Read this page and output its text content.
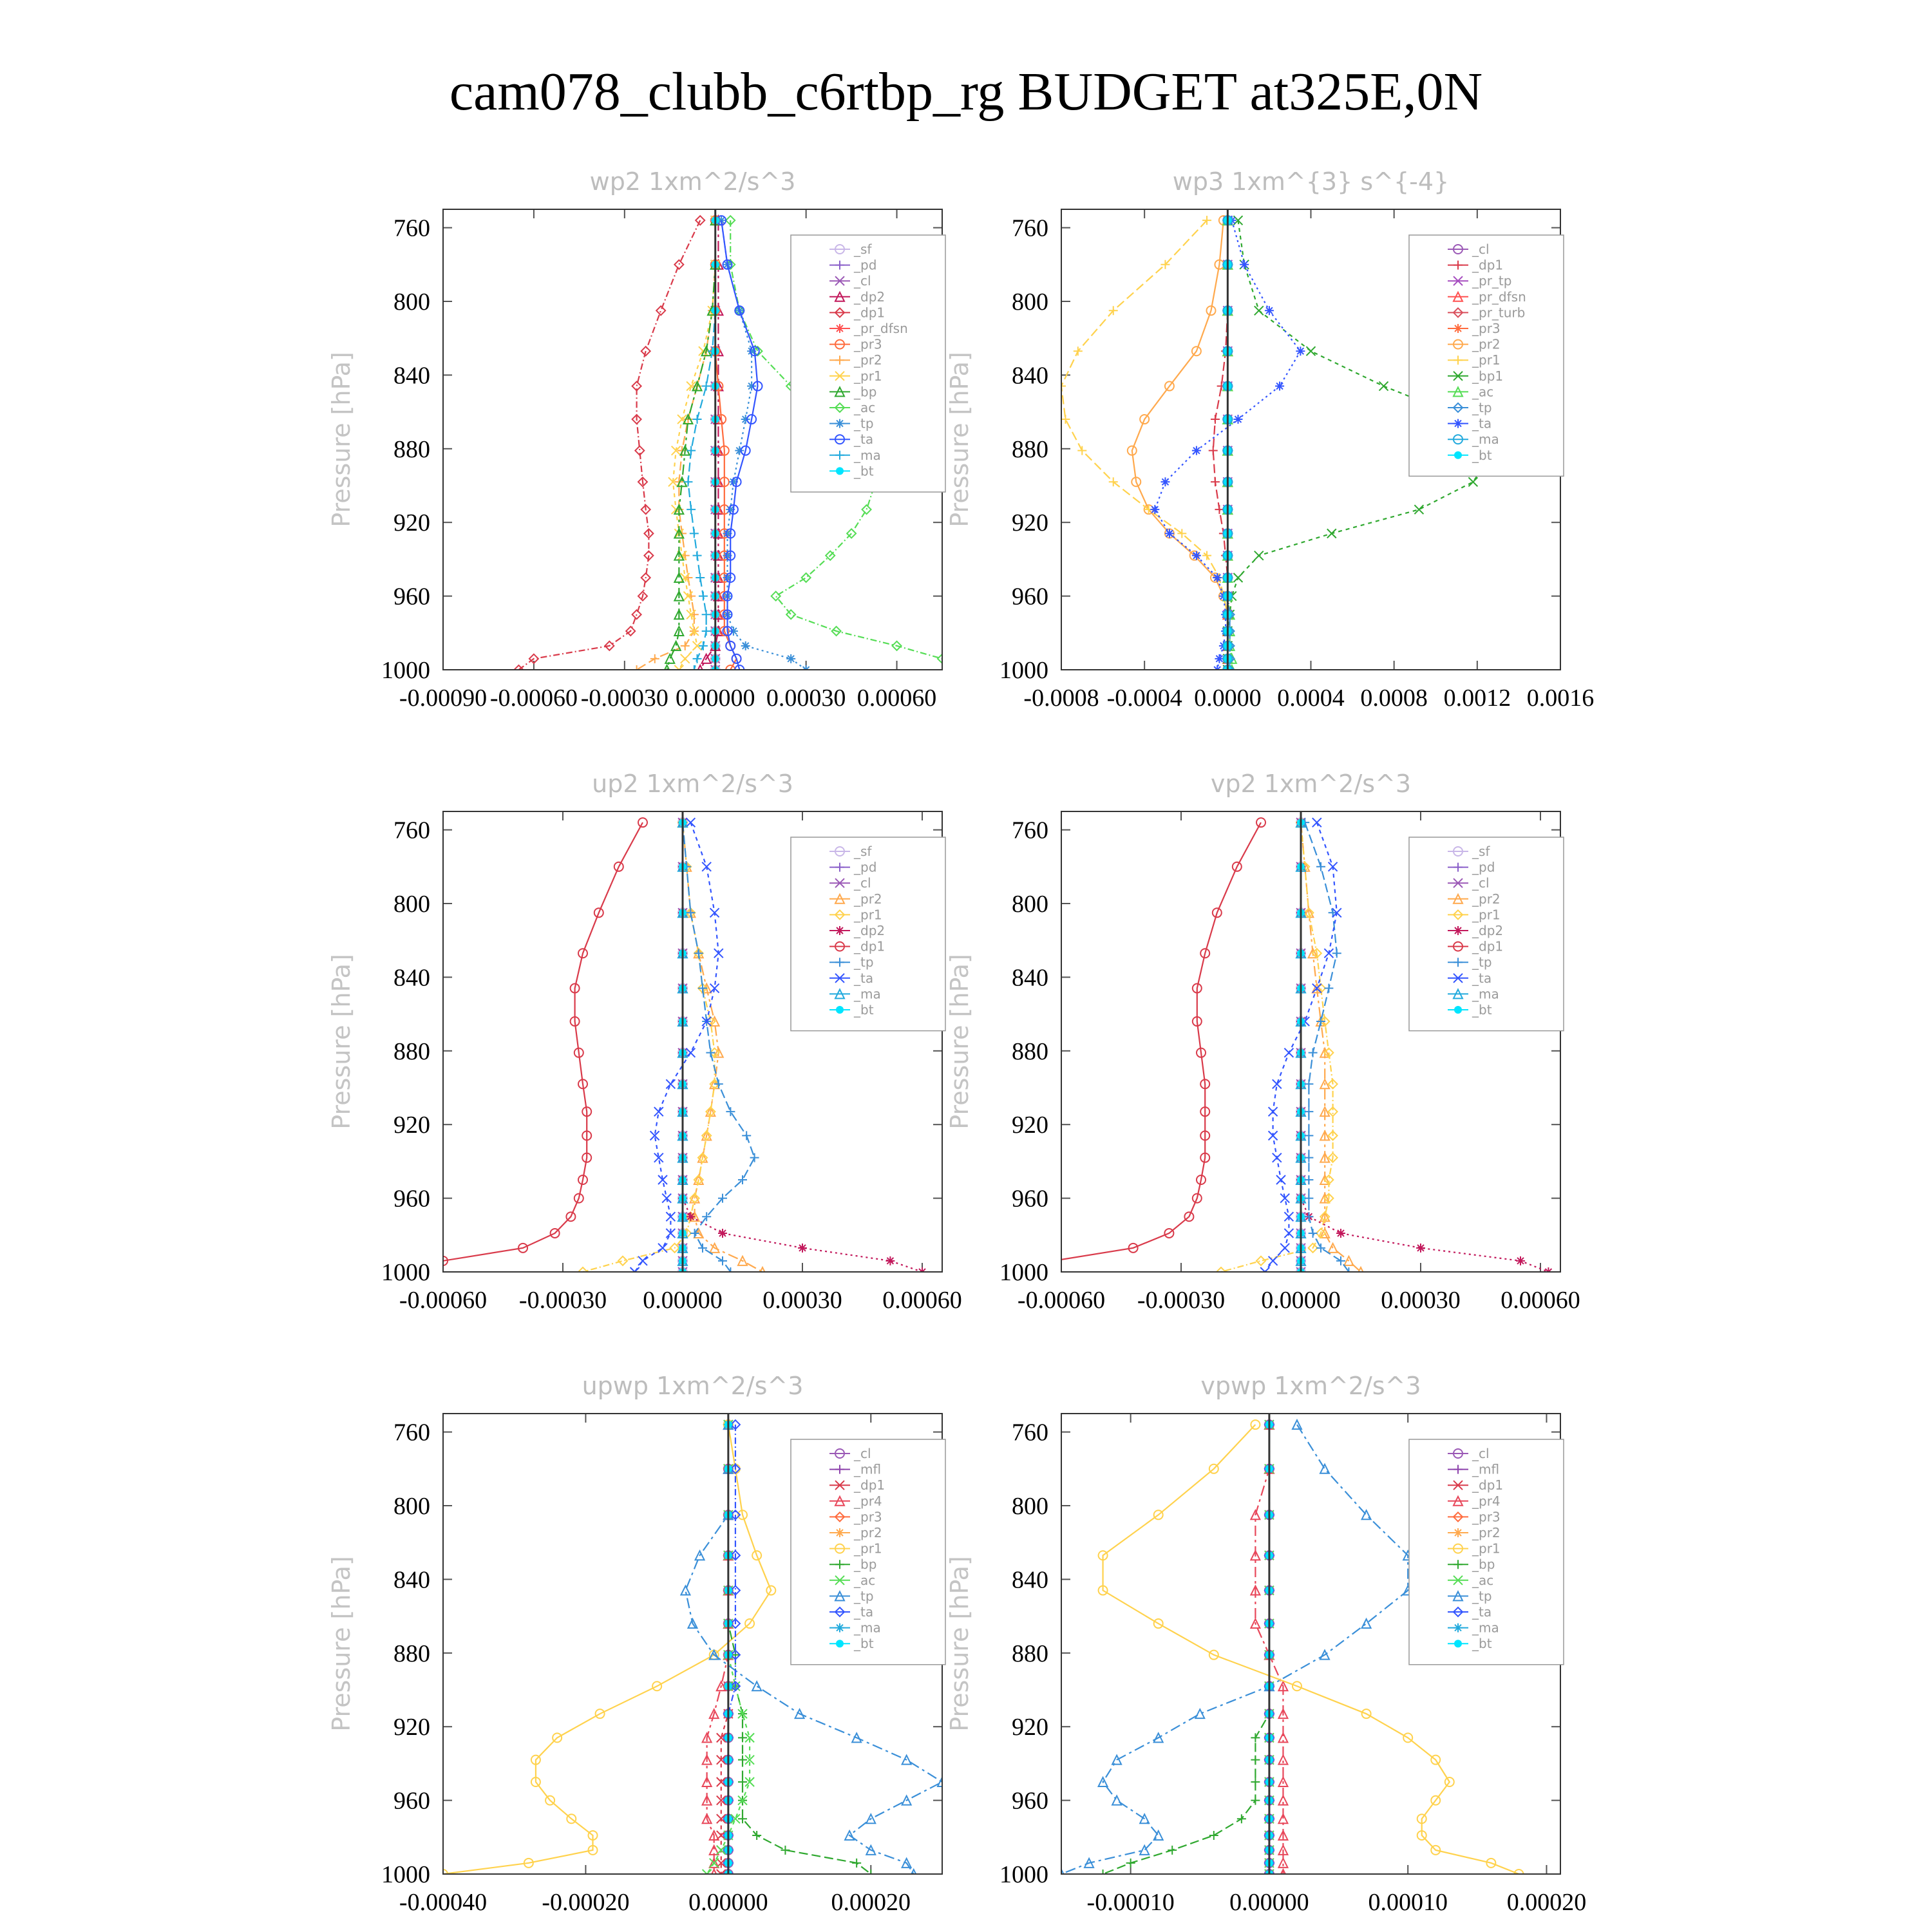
cam078_clubb_c6rtbp_rg BUDGET at325E,0N
wp2 1xm^2/s^3
Pressure [hPa]
760
800
840
880
920
960
1000
-0.00090 -0.00060 -0.00030 0.00000 0.00030 0.00060
_sf
_pd
_cl
_dp2
_dp1
_pr_dfsn
_pr3
_pr2
_pr1
_bp
_ac
_tp
_ta
_ma
_bt
wp3 1xm^{3} s^{-4}
Pressure [hPa]
760
800
840
880
920
960
1000
-0.0008 -0.0004 0.0000 0.0004 0.0008 0.0012 0.0016
_cl
_dp1
_pr_tp
_pr_dfsn
_pr_turb
_pr3
_pr2
_pr1
_bp1
_ac
_tp
_ta
_ma
_bt
up2 1xm^2/s^3
Pressure [hPa]
760
800
840
880
920
960
1000
-0.00060 -0.00030 0.00000 0.00030 0.00060
_sf
_pd
_cl
_pr2
_pr1
_dp2
_dp1
_tp
_ta
_ma
_bt
vp2 1xm^2/s^3
Pressure [hPa]
760
800
840
880
920
960
1000
-0.00060 -0.00030 0.00000 0.00030 0.00060
_sf
_pd
_cl
_pr2
_pr1
_dp2
_dp1
_tp
_ta
_ma
_bt
upwp 1xm^2/s^3
Pressure [hPa]
760
800
840
880
920
960
1000
-0.00040 -0.00020 0.00000	0.00020
_cl
_mfl
_dp1
_pr4
_pr3
_pr2
_pr1
_bp
_ac
_tp
_ta
_ma
_bt
vpwp 1xm^2/s^3
Pressure [hPa]
760
800
840
880
920
960
1000
-0.00010 0.00000 0.00010 0.00020
_cl
_mfl
_dp1
_pr4
_pr3
_pr2
_pr1
_bp
_ac
_tp
_ta
_ma
_bt
